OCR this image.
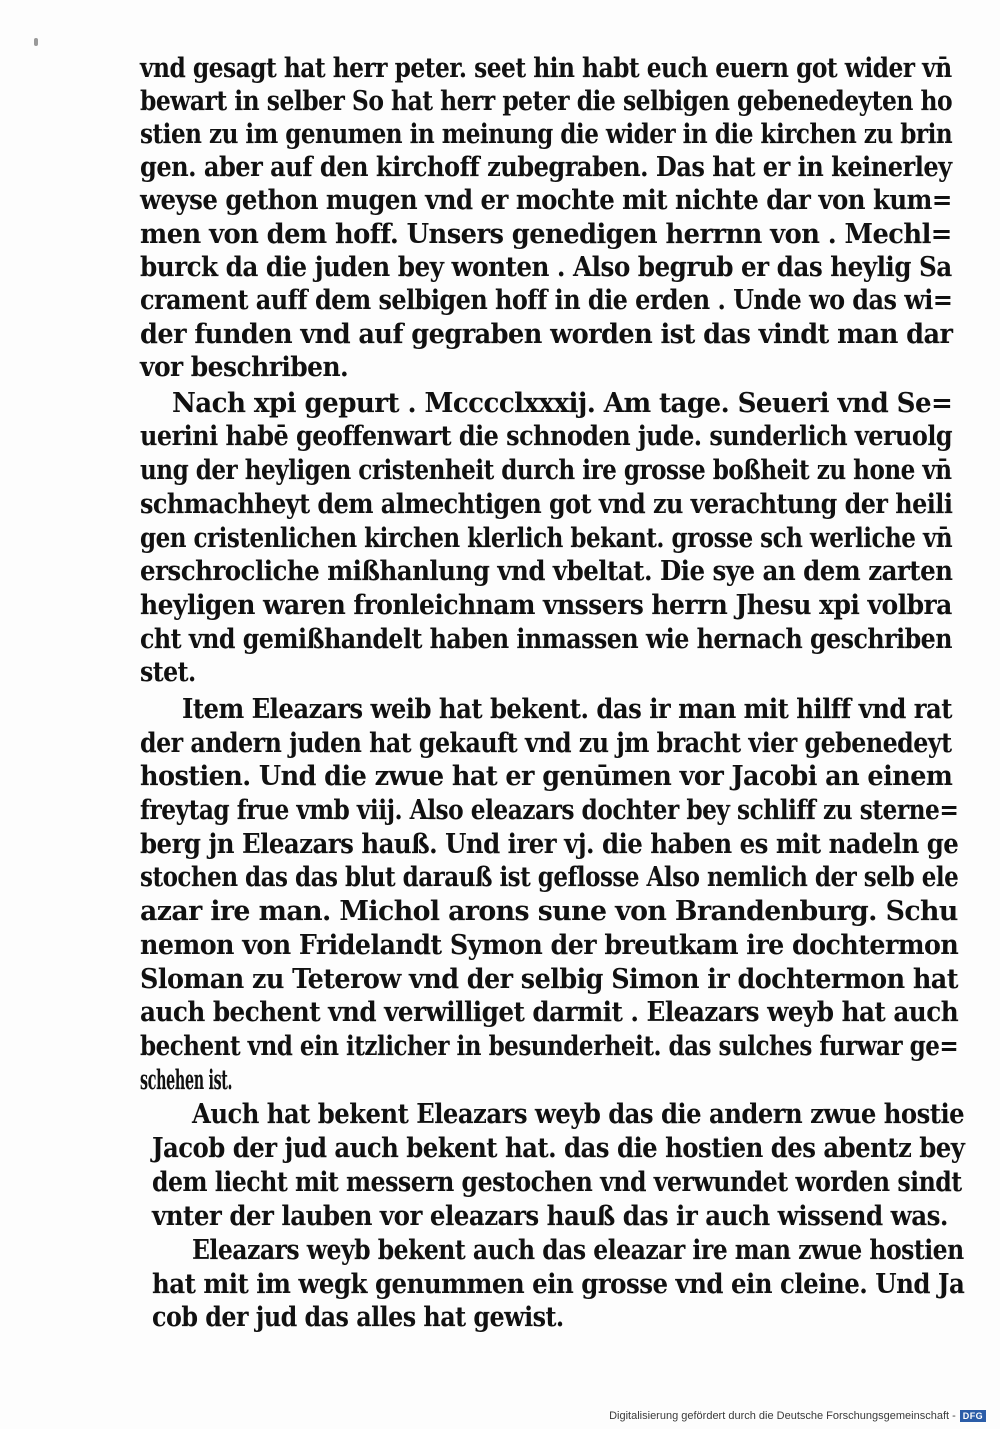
vnd gesagt hat herr peter. seet hin habt euch euern got wider vn̄
bewart in selber So hat herr peter die selbigen gebenedeyten ho
stien zu im genumen in meinung die wider in die kirchen zu brin
gen. aber auf den kirchoff zubegraben. Das hat er in keinerley
weyse gethon mugen vnd er mochte mit nichte dar von kum=
men von dem hoff. Unsers genedigen herrnn von . Mechl=
burck da die juden bey wonten . Also begrub er das heylig Sa
crament auff dem selbigen hoff in die erden . Unde wo das wi=
der funden vnd auf gegraben worden ist das vindt man dar
vor beschriben.
Nach xpi gepurt . Mcccclxxxij. Am tage. Seueri vnd Se=
uerini habē geoffenwart die schnoden jude. sunderlich veruolg
ung der heyligen cristenheit durch ire grosse boßheit zu hone vn̄
schmachheyt dem almechtigen got vnd zu verachtung der heili
gen cristenlichen kirchen klerlich bekant. grosse sch werliche vn̄
erschrocliche mißhanlung vnd vbeltat. Die sye an dem zarten
heyligen waren fronleichnam vnssers herrn Jhesu xpi volbra
cht vnd gemißhandelt haben inmassen wie hernach geschriben
stet.
Item Eleazars weib hat bekent. das ir man mit hilff vnd rat
der andern juden hat gekauft vnd zu jm bracht vier gebenedeyt
hostien. Und die zwue hat er genūmen vor Jacobi an einem
freytag frue vmb viij. Also eleazars dochter bey schliff zu sterne=
berg jn Eleazars hauß. Und irer vj. die haben es mit nadeln ge
stochen das das blut darauß ist geflosse Also nemlich der selb ele
azar ire man. Michol arons sune von Brandenburg. Schu
nemon von Fridelandt Symon der breutkam ire dochtermon
Sloman zu Teterow vnd der selbig Simon ir dochtermon hat
auch bechent vnd verwilliget darmit . Eleazars weyb hat auch
bechent vnd ein itzlicher in besunderheit. das sulches furwar ge=
schehen ist.
Auch hat bekent Eleazars weyb das die andern zwue hostie
Jacob der jud auch bekent hat. das die hostien des abentz bey
dem liecht mit messern gestochen vnd verwundet worden sindt
vnter der lauben vor eleazars hauß das ir auch wissend was.
Eleazars weyb bekent auch das eleazar ire man zwue hostien
hat mit im wegk genummen ein grosse vnd ein cleine. Und Ja
cob der jud das alles hat gewist.
Digitalisierung gefördert durch die Deutsche Forschungsgemeinschaft - DFG
